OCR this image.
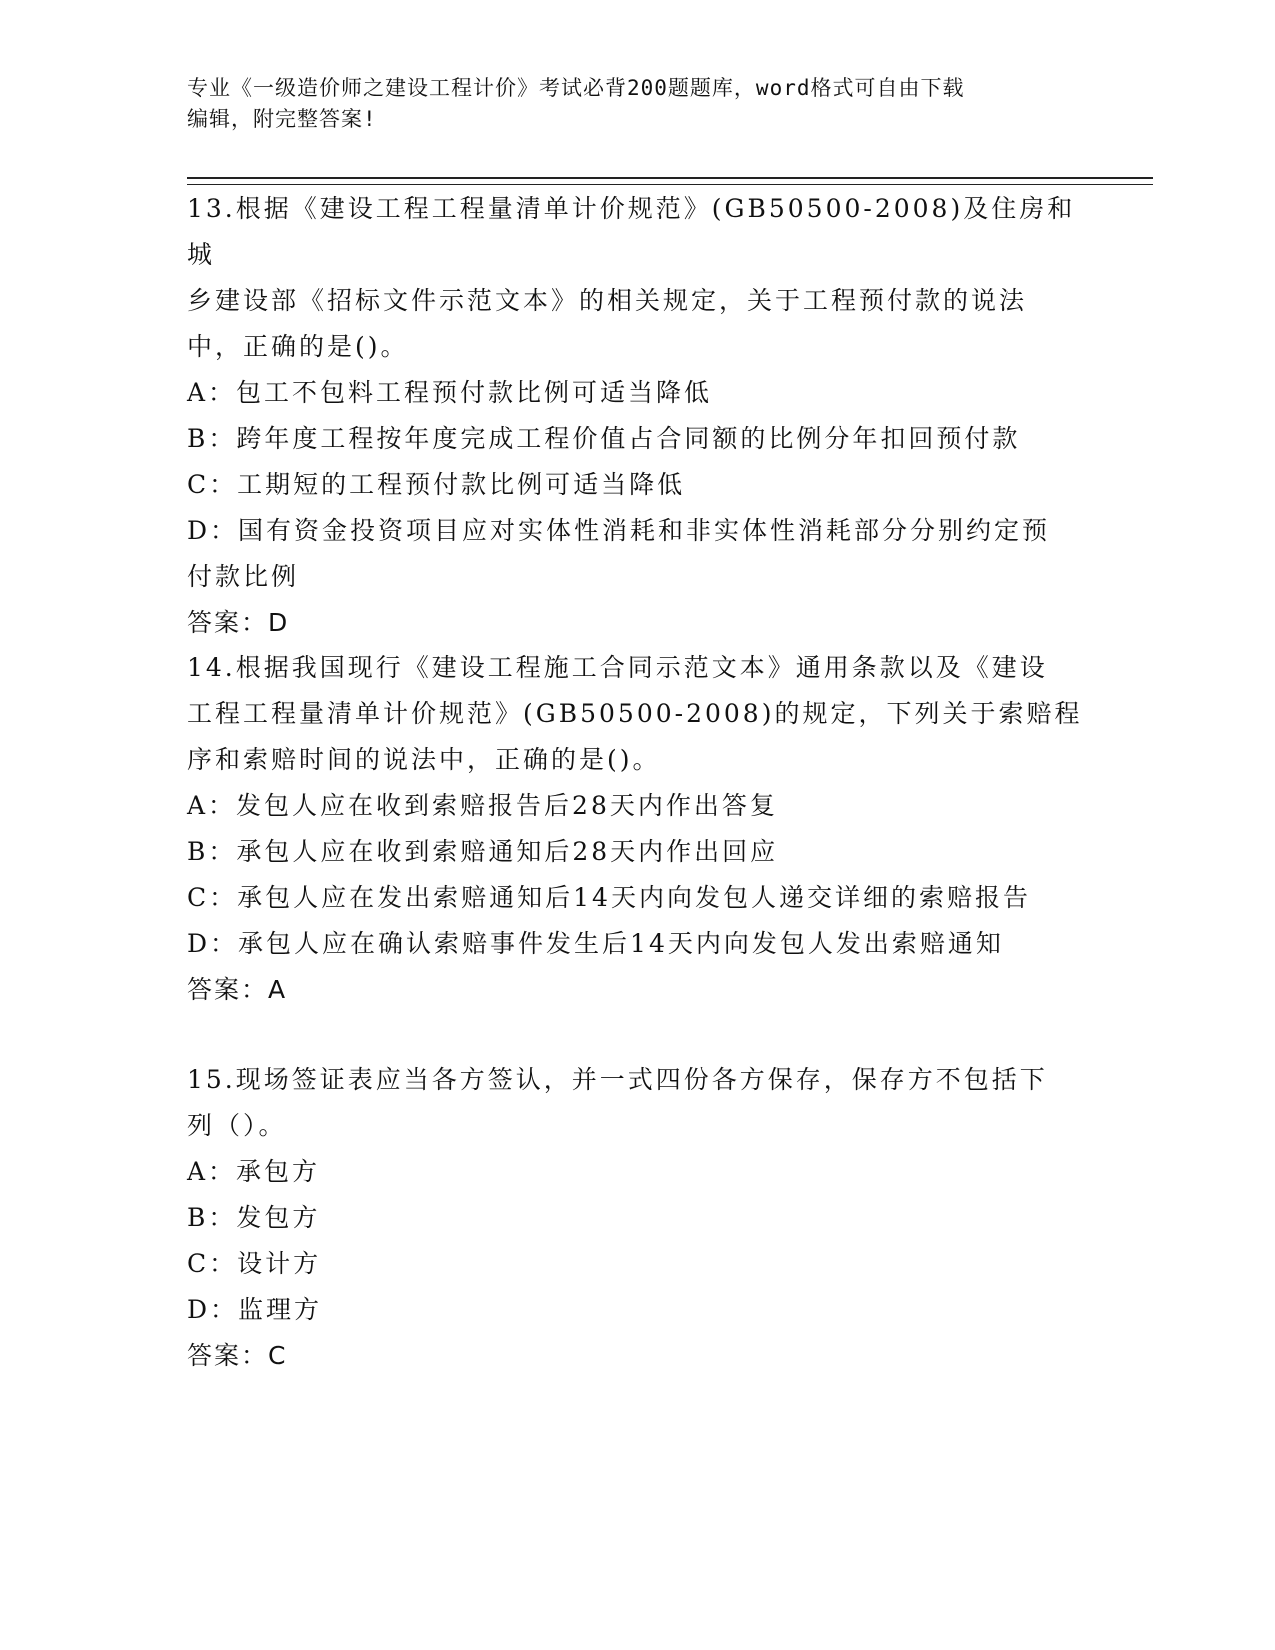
专业《一级造价师之建设工程计价》考试必背200题题库，word格式可自由下载
编辑，附完整答案!

13.根据《建设工程工程量清单计价规范》(GB50500-2008)及住房和城

乡建设部《招标文件示范文本》的相关规定，关于工程预付款的说法

中，正确的是()。

A：包工不包料工程预付款比例可适当降低

B：跨年度工程按年度完成工程价值占合同额的比例分年扣回预付款

C：工期短的工程预付款比例可适当降低

D：国有资金投资项目应对实体性消耗和非实体性消耗部分分别约定预

付款比例

答案：D

14.根据我国现行《建设工程施工合同示范文本》通用条款以及《建设

工程工程量清单计价规范》(GB50500-2008)的规定，下列关于索赔程

序和索赔时间的说法中，正确的是()。

A：发包人应在收到索赔报告后28天内作出答复

B：承包人应在收到索赔通知后28天内作出回应

C：承包人应在发出索赔通知后14天内向发包人递交详细的索赔报告

D：承包人应在确认索赔事件发生后14天内向发包人发出索赔通知

答案：A

15.现场签证表应当各方签认，并一式四份各方保存，保存方不包括下

列（）。

A：承包方

B：发包方

C：设计方

D：监理方

答案：C
